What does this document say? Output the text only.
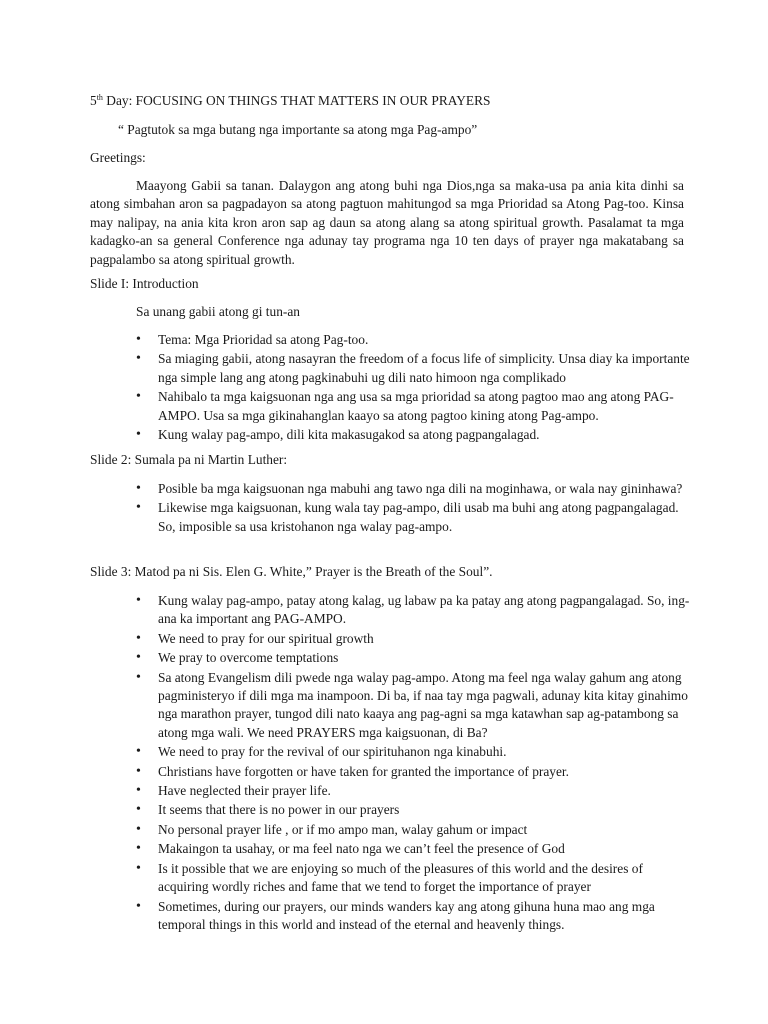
5th Day: FOCUSING ON THINGS THAT MATTERS IN OUR PRAYERS

“ Pagtutok sa mga butang nga importante sa atong mga Pag-ampo”

Greetings:

Maayong Gabii sa tanan. Dalaygon ang atong buhi nga Dios,nga sa maka-usa pa ania kita dinhi sa atong simbahan aron sa pagpadayon sa atong pagtuon mahitungod sa mga Prioridad sa Atong Pag-too. Kinsa may nalipay, na ania kita kron aron sap ag daun sa atong alang sa atong spiritual growth. Pasalamat ta mga kadagko-an sa general Conference nga adunay tay programa nga 10 ten days of prayer nga makatabang sa pagpalambo sa atong spiritual growth.

Slide I: Introduction

Sa unang gabii atong gi tun-an

•	Tema: Mga Prioridad sa atong Pag-too.
•	Sa miaging gabii, atong nasayran the freedom of a focus life of simplicity. Unsa diay ka importante nga simple lang ang atong pagkinabuhi ug dili nato himoon nga complikado
•	Nahibalo ta mga kaigsuonan nga ang usa sa mga prioridad sa atong pagtoo mao ang atong PAG-AMPO. Usa sa mga gikinahanglan kaayo sa atong pagtoo kining atong Pag-ampo.
•	Kung walay pag-ampo, dili kita makasugakod sa atong pagpangalagad.

Slide 2: Sumala pa ni Martin Luther:

•	Posible ba mga kaigsuonan nga mabuhi ang tawo nga dili na moginhawa, or wala nay gininhawa?
•	Likewise mga kaigsuonan, kung wala tay pag-ampo, dili usab ma buhi ang atong pagpangalagad. So, imposible sa usa kristohanon nga walay pag-ampo.

Slide 3: Matod pa ni Sis. Elen G. White,” Prayer is the Breath of the Soul”.

•	Kung walay pag-ampo, patay atong kalag, ug labaw pa ka patay ang atong pagpangalagad. So, ing-ana ka important ang PAG-AMPO.
•	We need to pray for our spiritual growth
•	We pray to overcome temptations
•	Sa atong Evangelism dili pwede nga walay pag-ampo. Atong ma feel nga walay gahum ang atong pagministeryo if dili mga ma inampoon. Di ba, if naa tay mga pagwali, adunay kita kitay ginahimo nga marathon prayer, tungod dili nato kaaya ang pag-agni sa mga katawhan sap ag-patambong sa atong mga wali. We need PRAYERS mga kaigsuonan, di Ba?
•	We need to pray for the revival of our spirituhanon nga kinabuhi.
•	Christians have forgotten or have taken for granted the importance of prayer.
•	Have neglected their prayer life.
•	It seems that there is no power in our prayers
•	No personal prayer life , or if mo ampo man, walay gahum or impact
•	Makaingon ta usahay, or ma feel nato nga we can’t feel the presence of God
•	Is it possible that we are enjoying so much of the pleasures of this world and the desires of acquiring wordly riches and fame that we tend to forget the importance of prayer
•	Sometimes, during our prayers, our minds wanders kay ang atong gihuna huna mao ang mga temporal things in this world and instead of the eternal and heavenly things.
